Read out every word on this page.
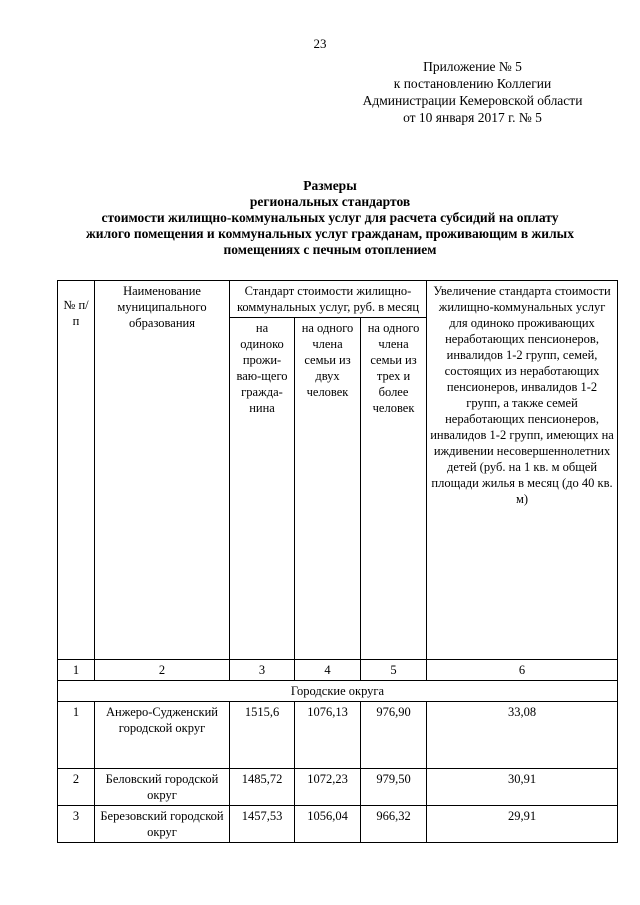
23
Приложение № 5
к постановлению Коллегии
Администрации Кемеровской области
от 10 января 2017 г. № 5
Размеры
региональных стандартов
стоимости жилищно-коммунальных услуг для расчета субсидий на оплату
жилого помещения и коммунальных услуг гражданам, проживающим в жилых
помещениях с печным отоплением
№ п/п	Наименование муниципального образования	Стандарт стоимости жилищно-коммунальных услуг, руб. в месяц			Увеличение стандарта стоимости жилищно-коммунальных услуг для одиноко проживающих неработающих пенсионеров, инвалидов 1-2 групп, семей, состоящих из неработающих пенсионеров, инвалидов 1-2 групп, а также семей неработающих пенсионеров, инвалидов 1-2 групп, имеющих на иждивении несовершеннолетних детей (руб. на 1 кв. м общей площади жилья в месяц (до 40 кв. м)
		на одиноко прожи-ваю-щего гражда-нина	на одного члена семьи из двух человек	на одного члена семьи из трех и более человек	
1	2	3	4	5	6
Городские округа					
1	Анжеро-Судженский городской округ	1515,6	1076,13	976,90	33,08
2	Беловский городской округ	1485,72	1072,23	979,50	30,91
3	Березовский городской округ	1457,53	1056,04	966,32	29,91
